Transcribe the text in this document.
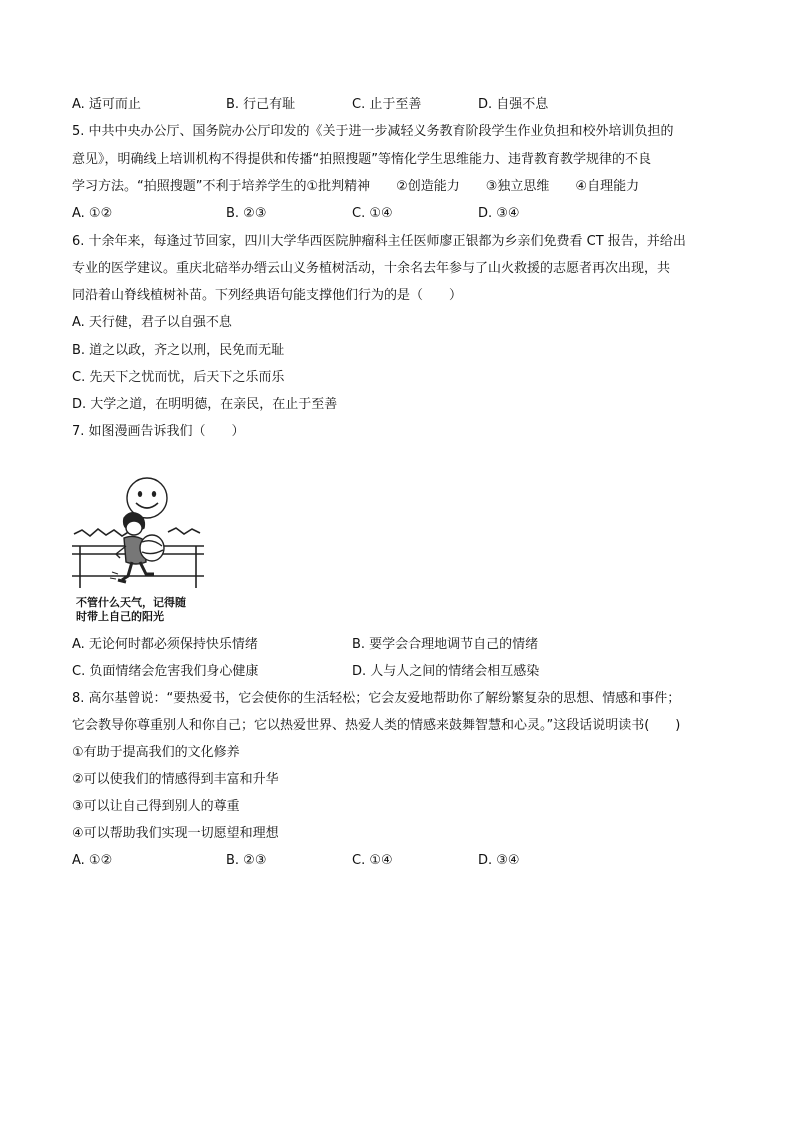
A. 适可而止	B. 行己有耻	C. 止于至善	D. 自强不息
5. 中共中央办公厅、国务院办公厅印发的《关于进一步减轻义务教育阶段学生作业负担和校外培训负担的
意见》，明确线上培训机构不得提供和传播“拍照搜题”等惰化学生思维能力、违背教育教学规律的不良
学习方法。“拍照搜题”不利于培养学生的①批判精神　　②创造能力　　③独立思维　　④自理能力
A. ①②	B. ②③	C. ①④	D. ③④
6. 十余年来，每逢过节回家，四川大学华西医院肿瘤科主任医师廖正银都为乡亲们免费看 CT 报告，并给出
专业的医学建议。重庆北碚举办缙云山义务植树活动，十余名去年参与了山火救援的志愿者再次出现，共
同沿着山脊线植树补苗。下列经典语句能支撑他们行为的是（　　）
A. 天行健，君子以自强不息
B. 道之以政，齐之以刑，民免而无耻
C. 先天下之忧而忧，后天下之乐而乐
D. 大学之道，在明明德，在亲民，在止于至善
7. 如图漫画告诉我们（　　）
不管什么天气，记得随
时带上自己的阳光
A. 无论何时都必须保持快乐情绪	B. 要学会合理地调节自己的情绪
C. 负面情绪会危害我们身心健康	D. 人与人之间的情绪会相互感染
8. 高尔基曾说：“要热爱书，它会使你的生活轻松；它会友爱地帮助你了解纷繁复杂的思想、情感和事件；
它会教导你尊重别人和你自己；它以热爱世界、热爱人类的情感来鼓舞智慧和心灵。”这段话说明读书(　　)
①有助于提高我们的文化修养
②可以使我们的情感得到丰富和升华
③可以让自己得到别人的尊重
④可以帮助我们实现一切愿望和理想
A. ①②	B. ②③	C. ①④	D. ③④
